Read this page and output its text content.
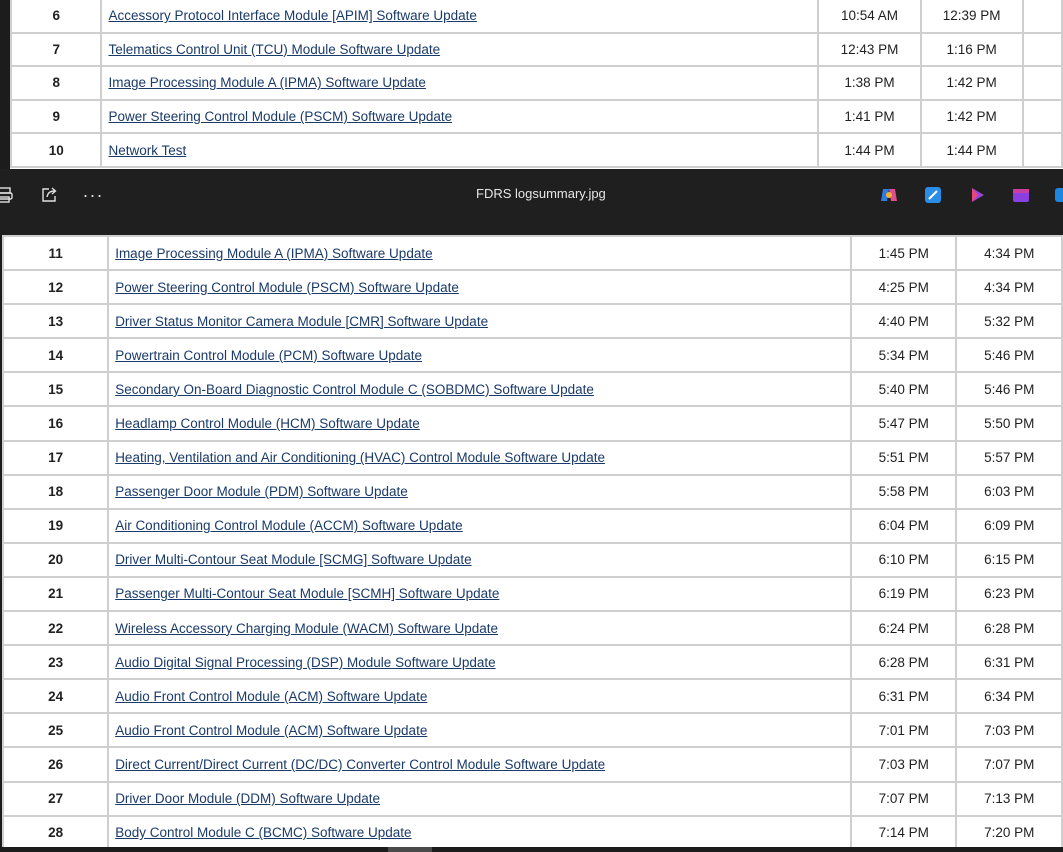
6	Accessory Protocol Interface Module [APIM] Software Update	10:54 AM	12:39 PM	
7	Telematics Control Unit (TCU) Module Software Update	12:43 PM	1:16 PM	
8	Image Processing Module A (IPMA) Software Update	1:38 PM	1:42 PM	
9	Power Steering Control Module (PSCM) Software Update	1:41 PM	1:42 PM	
10	Network Test	1:44 PM	1:44 PM	
···	FDRS logsummary.jpg
11	Image Processing Module A (IPMA) Software Update	1:45 PM	4:34 PM
12	Power Steering Control Module (PSCM) Software Update	4:25 PM	4:34 PM
13	Driver Status Monitor Camera Module [CMR] Software Update	4:40 PM	5:32 PM
14	Powertrain Control Module (PCM) Software Update	5:34 PM	5:46 PM
15	Secondary On-Board Diagnostic Control Module C (SOBDMC) Software Update	5:40 PM	5:46 PM
16	Headlamp Control Module (HCM) Software Update	5:47 PM	5:50 PM
17	Heating, Ventilation and Air Conditioning (HVAC) Control Module Software Update	5:51 PM	5:57 PM
18	Passenger Door Module (PDM) Software Update	5:58 PM	6:03 PM
19	Air Conditioning Control Module (ACCM) Software Update	6:04 PM	6:09 PM
20	Driver Multi-Contour Seat Module [SCMG] Software Update	6:10 PM	6:15 PM
21	Passenger Multi-Contour Seat Module [SCMH] Software Update	6:19 PM	6:23 PM
22	Wireless Accessory Charging Module (WACM) Software Update	6:24 PM	6:28 PM
23	Audio Digital Signal Processing (DSP) Module Software Update	6:28 PM	6:31 PM
24	Audio Front Control Module (ACM) Software Update	6:31 PM	6:34 PM
25	Audio Front Control Module (ACM) Software Update	7:01 PM	7:03 PM
26	Direct Current/Direct Current (DC/DC) Converter Control Module Software Update	7:03 PM	7:07 PM
27	Driver Door Module (DDM) Software Update	7:07 PM	7:13 PM
28	Body Control Module C (BCMC) Software Update	7:14 PM	7:20 PM
